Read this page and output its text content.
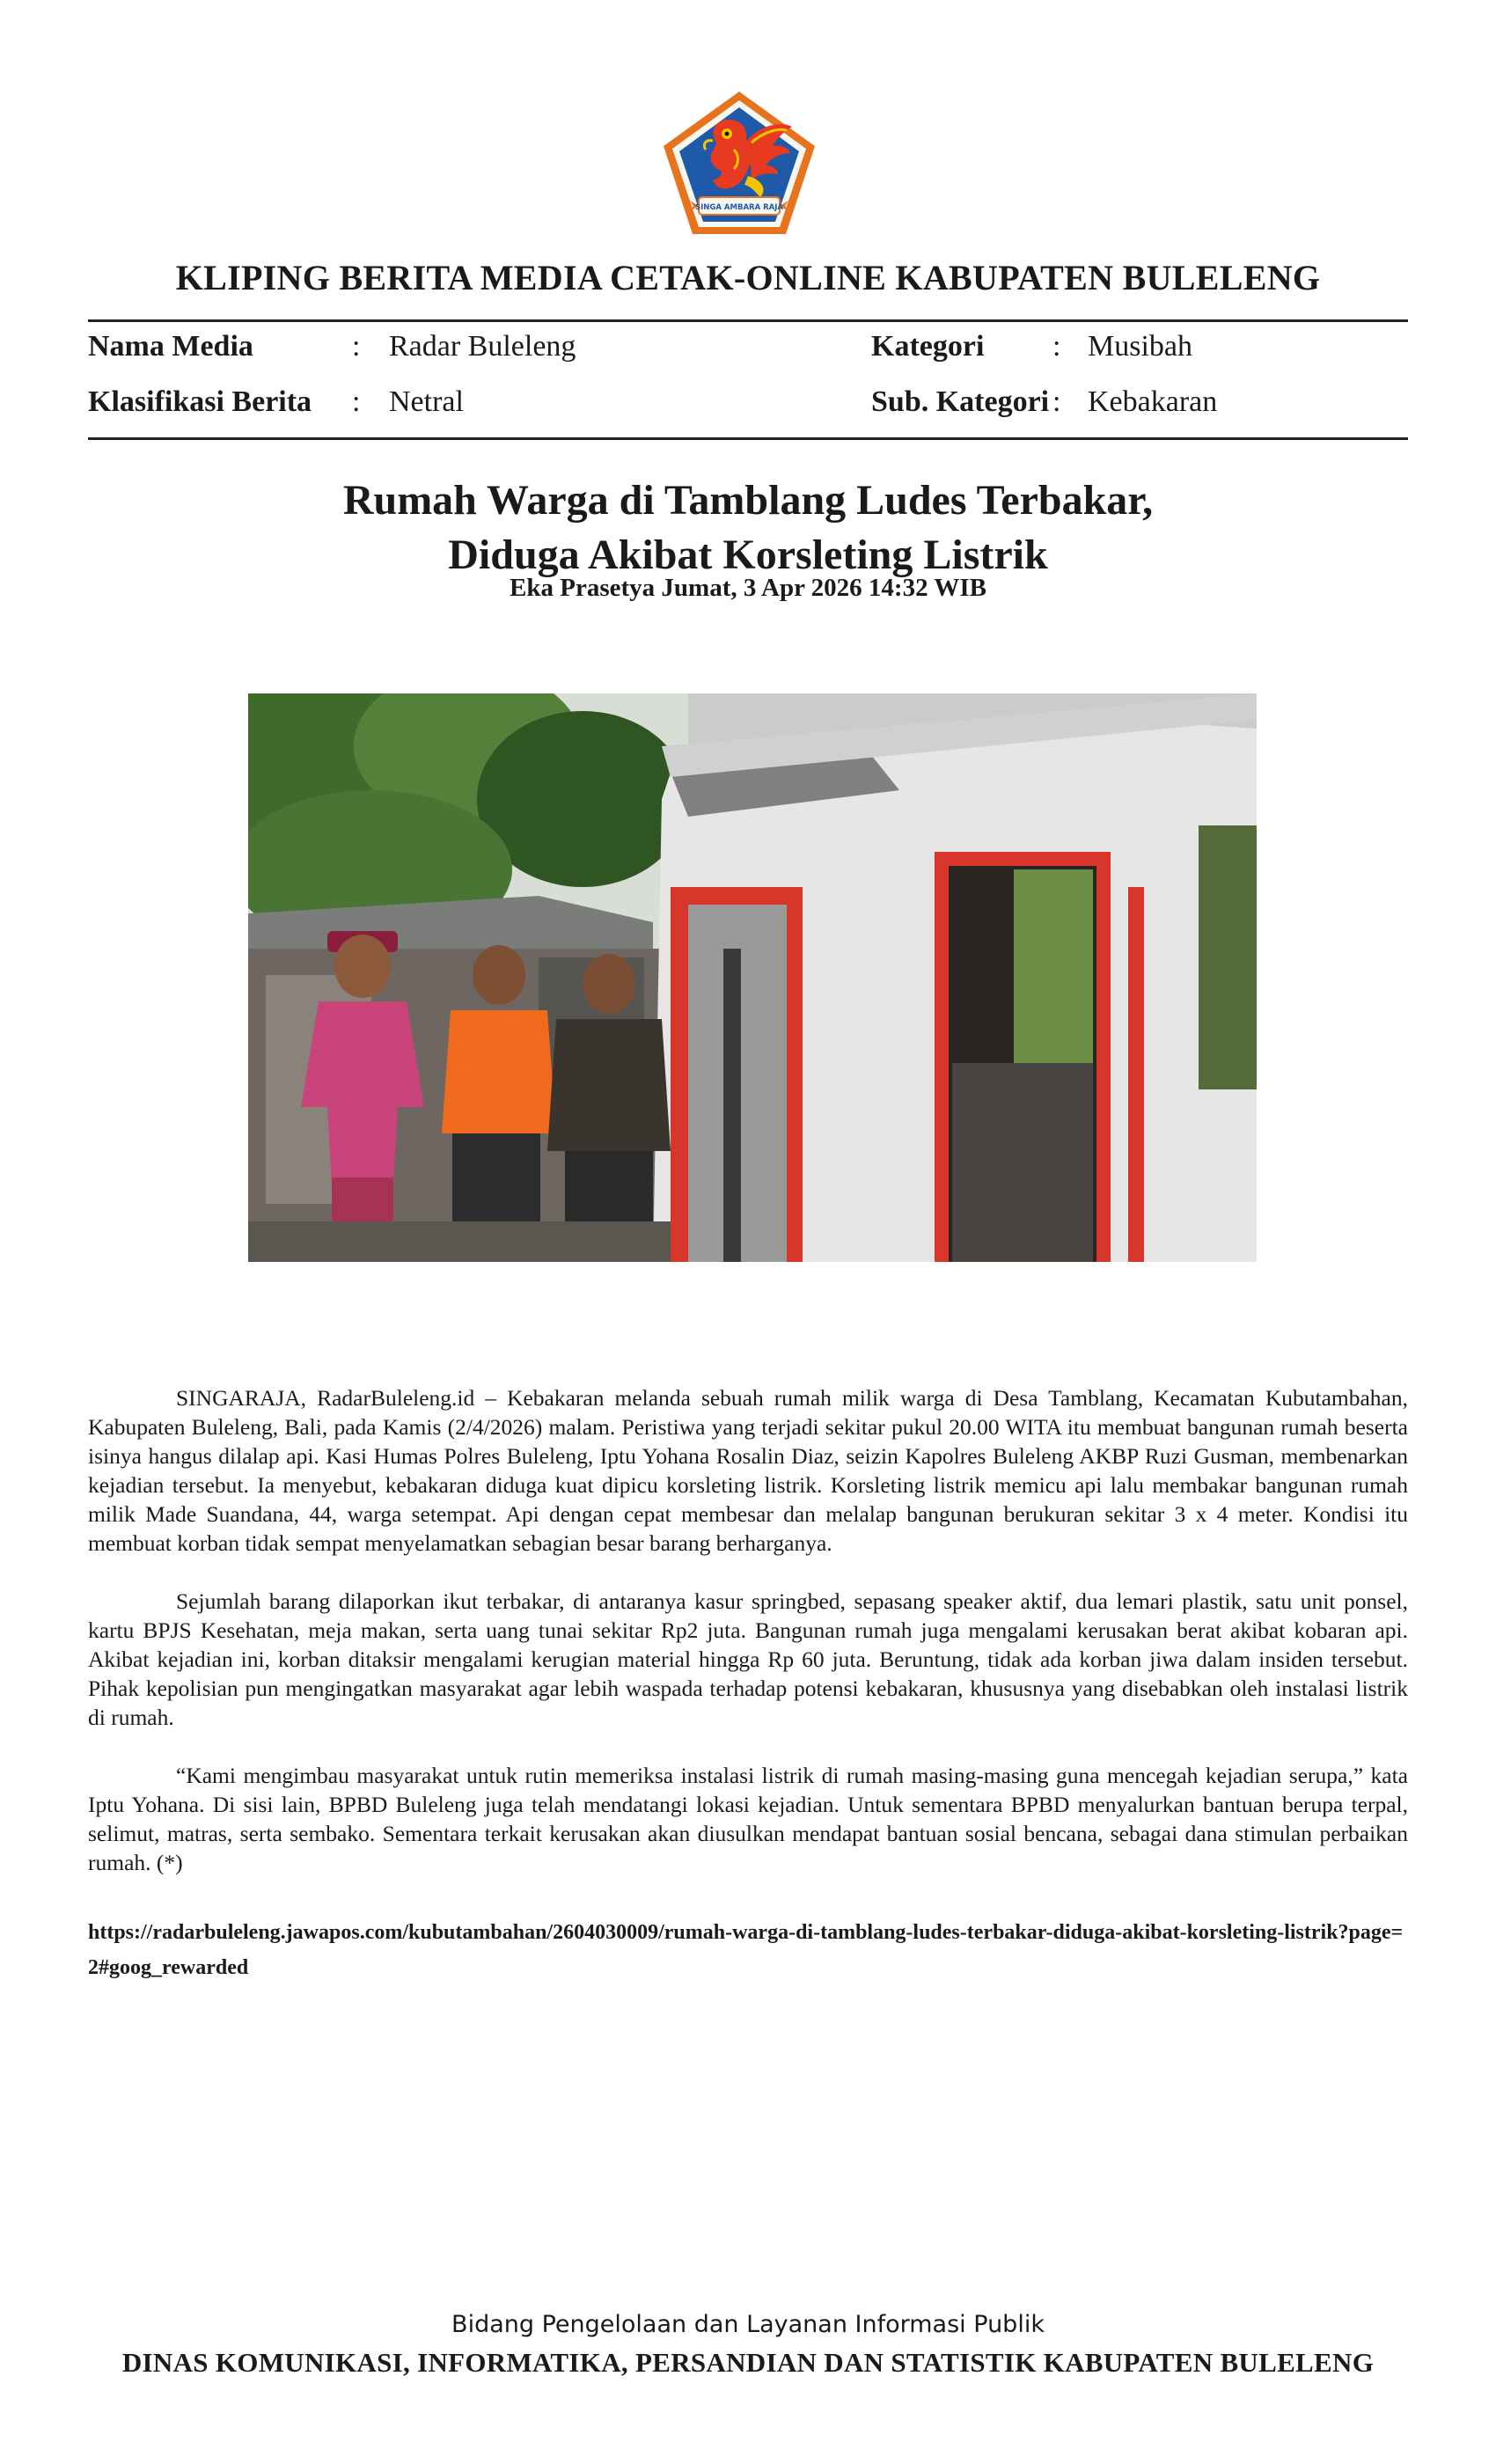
SINGA AMBARA RAJA
KLIPING BERITA MEDIA CETAK-ONLINE KABUPATEN BULELENG
Nama Media	: Radar Buleleng	Kategori : Musibah
Klasifikasi Berita : Netral	Sub. Kategori : Kebakaran
Rumah Warga di Tamblang Ludes Terbakar,
Diduga Akibat Korsleting Listrik
Eka Prasetya Jumat, 3 Apr 2026 14:32 WIB

SINGARAJA, RadarBuleleng.id – Kebakaran melanda sebuah rumah milik warga di Desa Tamblang, Kecamatan Kubutambahan, Kabupaten Buleleng, Bali, pada Kamis (2/4/2026) malam. Peristiwa yang terjadi sekitar pukul 20.00 WITA itu membuat bangunan rumah beserta isinya hangus dilalap api. Kasi Humas Polres Buleleng, Iptu Yohana Rosalin Diaz, seizin Kapolres Buleleng AKBP Ruzi Gusman, membenarkan kejadian tersebut. Ia menyebut, kebakaran diduga kuat dipicu korsleting listrik. Korsleting listrik memicu api lalu membakar bangunan rumah milik Made Suandana, 44, warga setempat. Api dengan cepat membesar dan melalap bangunan berukuran sekitar 3 x 4 meter. Kondisi itu membuat korban tidak sempat menyelamatkan sebagian besar barang berharganya.

Sejumlah barang dilaporkan ikut terbakar, di antaranya kasur springbed, sepasang speaker aktif, dua lemari plastik, satu unit ponsel, kartu BPJS Kesehatan, meja makan, serta uang tunai sekitar Rp2 juta. Bangunan rumah juga mengalami kerusakan berat akibat kobaran api. Akibat kejadian ini, korban ditaksir mengalami kerugian material hingga Rp 60 juta. Beruntung, tidak ada korban jiwa dalam insiden tersebut. Pihak kepolisian pun mengingatkan masyarakat agar lebih waspada terhadap potensi kebakaran, khususnya yang disebabkan oleh instalasi listrik di rumah.

“Kami mengimbau masyarakat untuk rutin memeriksa instalasi listrik di rumah masing-masing guna mencegah kejadian serupa,” kata Iptu Yohana. Di sisi lain, BPBD Buleleng juga telah mendatangi lokasi kejadian. Untuk sementara BPBD menyalurkan bantuan berupa terpal, selimut, matras, serta sembako. Sementara terkait kerusakan akan diusulkan mendapat bantuan sosial bencana, sebagai dana stimulan perbaikan rumah. (*)

https://radarbuleleng.jawapos.com/kubutambahan/2604030009/rumah-warga-di-tamblang-ludes-terbakar-diduga-akibat-korsleting-listrik?page=2#goog_rewarded
Bidang Pengelolaan dan Layanan Informasi Publik
DINAS KOMUNIKASI, INFORMATIKA, PERSANDIAN DAN STATISTIK KABUPATEN BULELENG
